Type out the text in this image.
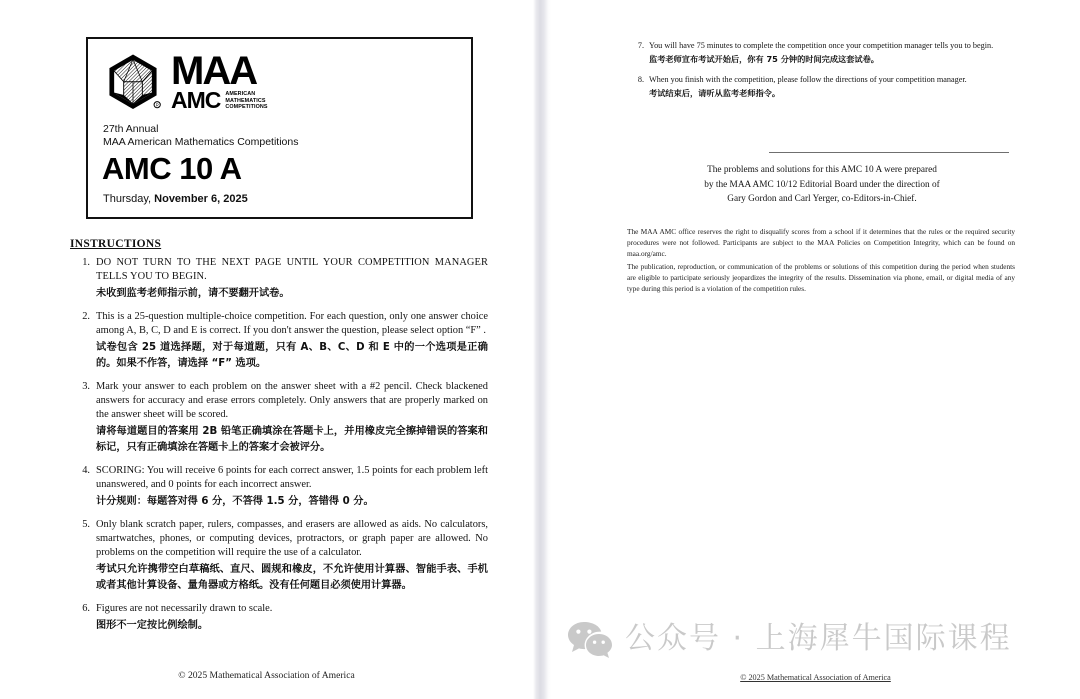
R
MAA
AMC AMERICAN
MATHEMATICS
COMPETITIONS
27th Annual
MAA American Mathematics Competitions
AMC 10 A
Thursday, November 6, 2025
INSTRUCTIONS
1. DO NOT TURN TO THE NEXT PAGE UNTIL YOUR COMPETITION MANAGER TELLS YOU TO BEGIN.

未收到监考老师指示前，请不要翻开试卷。

2. This is a 25-question multiple-choice competition. For each question, only one answer choice among A, B, C, D and E is correct. If you don't answer the question, please select option “F” .

试卷包含 25 道选择题，对于每道题，只有 A、B、C、D 和 E 中的一个选项是正确的。如果不作答，请选择 “F” 选项。

3. Mark your answer to each problem on the answer sheet with a #2 pencil. Check blackened answers for accuracy and erase errors completely. Only answers that are properly marked on the answer sheet will be scored.

请将每道题目的答案用 2B 铅笔正确填涂在答题卡上，并用橡皮完全擦掉错误的答案和标记，只有正确填涂在答题卡上的答案才会被评分。

4. SCORING: You will receive 6 points for each correct answer, 1.5 points for each problem left unanswered, and 0 points for each incorrect answer.

计分规则：每题答对得 6 分，不答得 1.5 分，答错得 0 分。

5. Only blank scratch paper, rulers, compasses, and erasers are allowed as aids. No calculators, smartwatches, phones, or computing devices, protractors, or graph paper are allowed. No problems on the competition will require the use of a calculator.

考试只允许携带空白草稿纸、直尺、圆规和橡皮，不允许使用计算器、智能手表、手机或者其他计算设备、量角器或方格纸。没有任何题目必须使用计算器。

6. Figures are not necessarily drawn to scale.

图形不一定按比例绘制。

© 2025 Mathematical Association of America
7. You will have 75 minutes to complete the competition once your competition manager tells you to begin.

监考老师宣布考试开始后，你有 75 分钟的时间完成这套试卷。

8. When you finish with the competition, please follow the directions of your competition manager.

考试结束后，请听从监考老师指令。

The problems and solutions for this AMC 10 A were prepared
by the MAA AMC 10/12 Editorial Board under the direction of
Gary Gordon and Carl Yerger, co-Editors-in-Chief.

The MAA AMC office reserves the right to disqualify scores from a school if it determines that the rules or the required security procedures were not followed. Participants are subject to the MAA Policies on Competition Integrity, which can be found on maa.org/amc.

The publication, reproduction, or communication of the problems or solutions of this competition during the period when students are eligible to participate seriously jeopardizes the integrity of the results. Dissemination via phone, email, or digital media of any type during this period is a violation of the competition rules.

公众号 · 上海犀牛国际课程
© 2025 Mathematical Association of America
